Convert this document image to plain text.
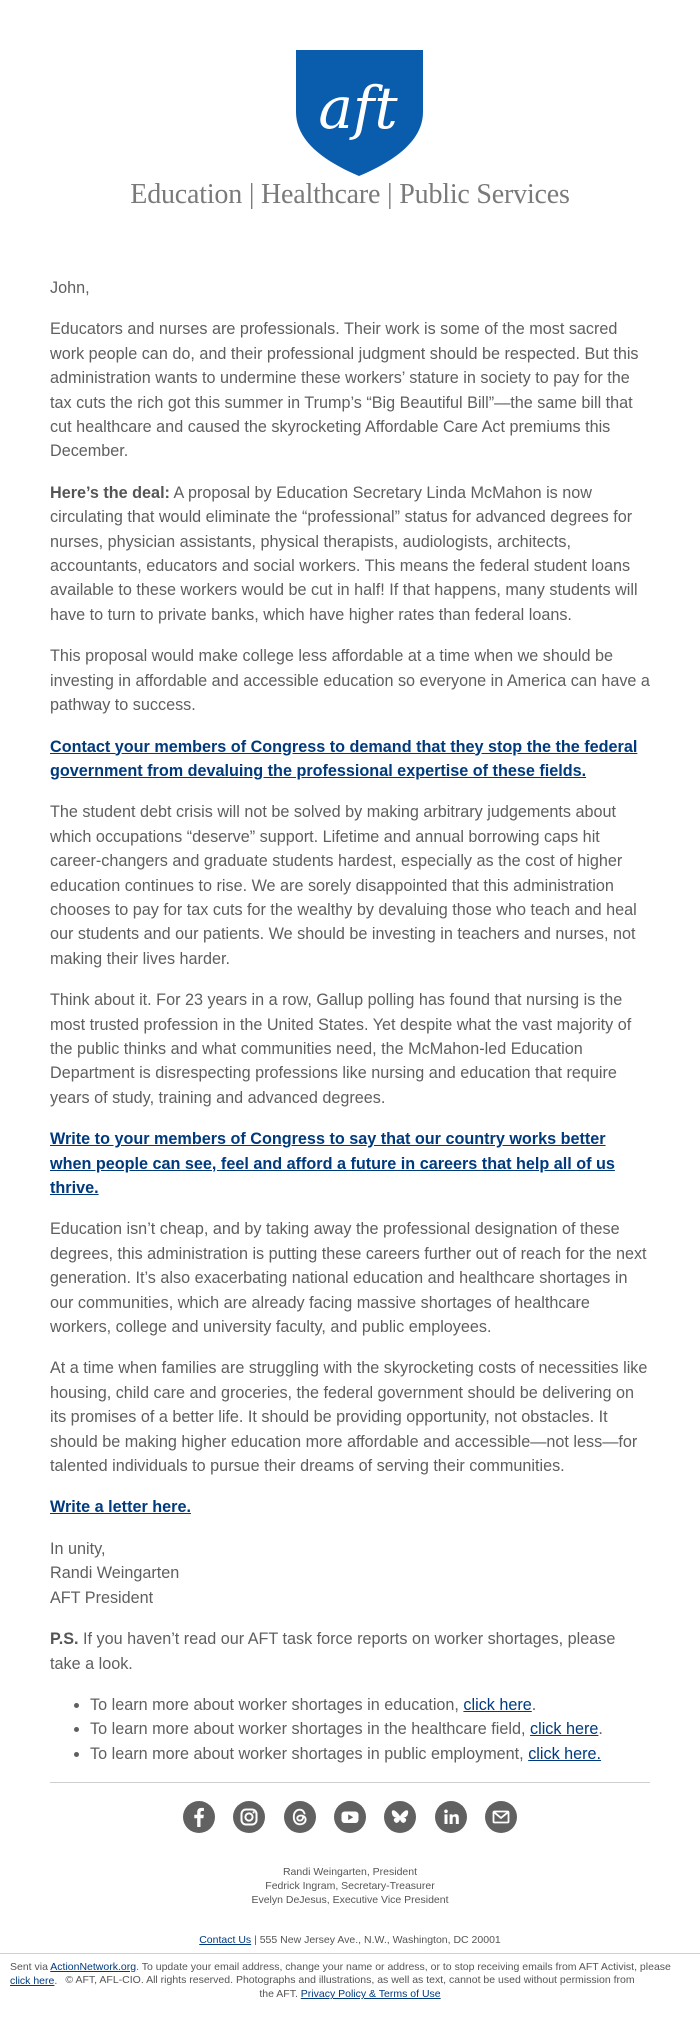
aft
Education | Healthcare | Public Services

John,

Educators and nurses are professionals. Their work is some of the most sacred work people can do, and their professional judgment should be respected. But this administration wants to undermine these workers’ stature in society to pay for the tax cuts the rich got this summer in Trump’s “Big Beautiful Bill”—the same bill that cut healthcare and caused the skyrocketing Affordable Care Act premiums this December.

Here’s the deal: A proposal by Education Secretary Linda McMahon is now circulating that would eliminate the “professional” status for advanced degrees for nurses, physician assistants, physical therapists, audiologists, architects, accountants, educators and social workers. This means the federal student loans available to these workers would be cut in half! If that happens, many students will have to turn to private banks, which have higher rates than federal loans.

This proposal would make college less affordable at a time when we should be investing in affordable and accessible education so everyone in America can have a pathway to success.

Contact your members of Congress to demand that they stop the the federal government from devaluing the professional expertise of these fields.

The student debt crisis will not be solved by making arbitrary judgements about which occupations “deserve” support. Lifetime and annual borrowing caps hit career-changers and graduate students hardest, especially as the cost of higher education continues to rise. We are sorely disappointed that this administration chooses to pay for tax cuts for the wealthy by devaluing those who teach and heal our students and our patients. We should be investing in teachers and nurses, not making their lives harder.

Think about it. For 23 years in a row, Gallup polling has found that nursing is the most trusted profession in the United States. Yet despite what the vast majority of the public thinks and what communities need, the McMahon-led Education Department is disrespecting professions like nursing and education that require years of study, training and advanced degrees.

Write to your members of Congress to say that our country works better when people can see, feel and afford a future in careers that help all of us thrive.

Education isn’t cheap, and by taking away the professional designation of these degrees, this administration is putting these careers further out of reach for the next generation. It’s also exacerbating national education and healthcare shortages in our communities, which are already facing massive shortages of healthcare workers, college and university faculty, and public employees.

At a time when families are struggling with the skyrocketing costs of necessities like housing, child care and groceries, the federal government should be delivering on its promises of a better life. It should be providing opportunity, not obstacles. It should be making higher education more affordable and accessible—not less—for talented individuals to pursue their dreams of serving their communities.

Write a letter here.
In unity,
Randi Weingarten
AFT President

P.S. If you haven’t read our AFT task force reports on worker shortages, please take a look.

• To learn more about worker shortages in education, click here.
• To learn more about worker shortages in the healthcare field, click here.
• To learn more about worker shortages in public employment, click here.

Randi Weingarten, President
Fedrick Ingram, Secretary-Treasurer
Evelyn DeJesus, Executive Vice President
Contact Us | 555 New Jersey Ave., N.W., Washington, DC 20001
© AFT, AFL-CIO. All rights reserved. Photographs and illustrations, as well as text, cannot be used without permission from the AFT. Privacy Policy & Terms of Use
Sent via ActionNetwork.org. To update your email address, change your name or address, or to stop receiving emails from AFT Activist, please click here.
